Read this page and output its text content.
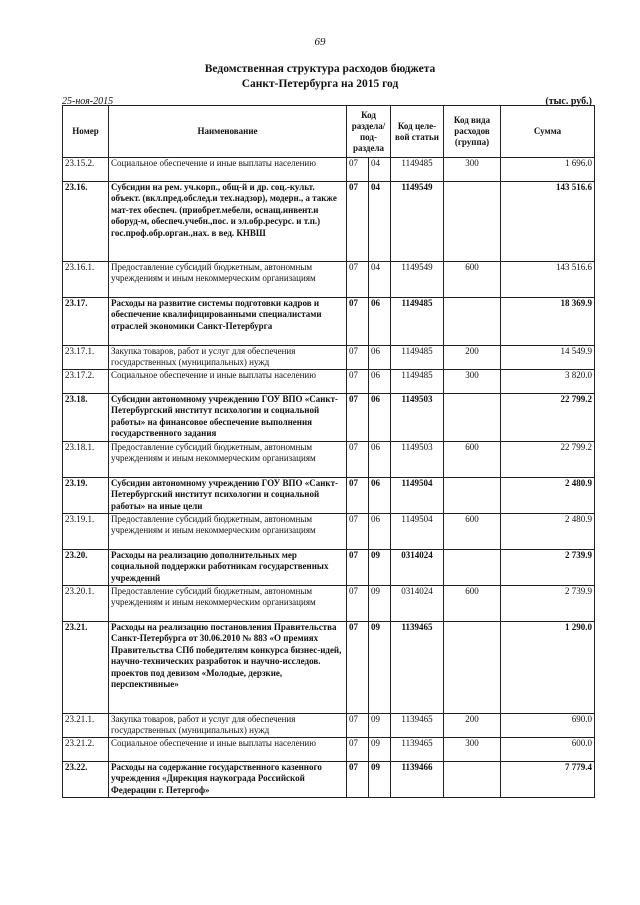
69
Ведомственная структура расходов бюджета
Санкт-Петербурга на 2015 год
25-ноя-2015	(тыс. руб.)
Номер	Наименование	Код раздела/ под-раздела		Код целе-вой статьи	Код вида расходов (группа)	Сумма
23.15.2.	Социальное обеспечение и иные выплаты населению	07	04	1149485	300	1 696.0
23.16.	Субсидии на рем. уч.корп., общ-й и др. соц.-культ. объект. (вкл.пред.обслед.и тех.надзор), модерн., а также мат-тех обеспеч. (приобрет.мебели, оснащ.инвент.и оборуд-м, обеспеч.учебн.,пос. и эл.обр.ресурс. и т.п.) гос.проф.обр.орган.,нах. в вед. КНВШ	07	04	1149549		143 516.6
23.16.1.	Предоставление субсидий бюджетным, автономным учреждениям и иным некоммерческим организациям	07	04	1149549	600	143 516.6
23.17.	Расходы на развитие системы подготовки кадров и обеспечение квалифицированными специалистами отраслей экономики Санкт-Петербурга	07	06	1149485		18 369.9
23.17.1.	Закупка товаров, работ и услуг для обеспечения государственных (муниципальных) нужд	07	06	1149485	200	14 549.9
23.17.2.	Социальное обеспечение и иные выплаты населению	07	06	1149485	300	3 820.0
23.18.	Субсидии автономному учреждению ГОУ ВПО «Санкт-Петербургский институт психологии и социальной работы» на финансовое обеспечение выполнения государственного задания	07	06	1149503		22 799.2
23.18.1.	Предоставление субсидий бюджетным, автономным учреждениям и иным некоммерческим организациям	07	06	1149503	600	22 799.2
23.19.	Субсидии автономному учреждению ГОУ ВПО «Санкт-Петербургский институт психологии и социальной работы» на иные цели	07	06	1149504		2 480.9
23.19.1.	Предоставление субсидий бюджетным, автономным учреждениям и иным некоммерческим организациям	07	06	1149504	600	2 480.9
23.20.	Расходы на реализацию дополнительных мер социальной поддержки работникам государственных учреждений	07	09	0314024		2 739.9
23.20.1.	Предоставление субсидий бюджетным, автономным учреждениям и иным некоммерческим организациям	07	09	0314024	600	2 739.9
23.21.	Расходы на реализацию постановления Правительства Санкт-Петербурга от 30.06.2010 № 883 «О премиях Правительства СПб победителям конкурса бизнес-идей, научно-технических разработок и научно-исследов. проектов под девизом «Молодые, дерзкие, перспективные»	07	09	1139465		1 290.0
23.21.1.	Закупка товаров, работ и услуг для обеспечения государственных (муниципальных) нужд	07	09	1139465	200	690.0
23.21.2.	Социальное обеспечение и иные выплаты населению	07	09	1139465	300	600.0
23.22.	Расходы на содержание государственного казенного учреждения «Дирекция наукограда Российской Федерации г. Петергоф»	07	09	1139466		7 779.4
